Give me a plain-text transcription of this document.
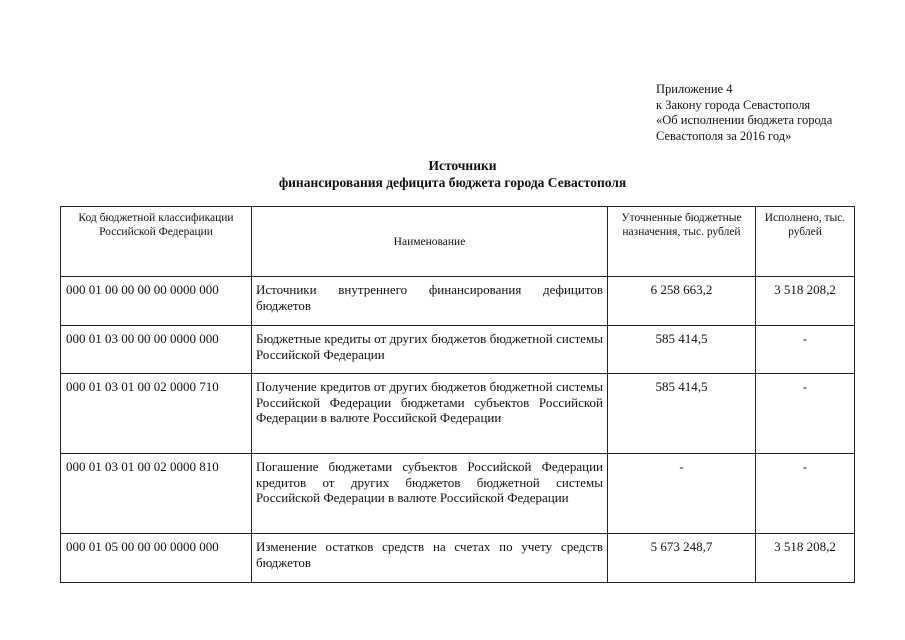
Приложение 4
к Закону города Севастополя
«Об исполнении бюджета города
Севастополя за 2016 год»
Источники
финансирования дефицита бюджета города Севастополя
Код бюджетной классификации Российской Федерации	Наименование	Уточненные бюджетные назначения, тыс. рублей	Исполнено, тыс. рублей
000 01 00 00 00 00 0000 000	Источники внутреннего финансирования дефицитов бюджетов	6 258 663,2	3 518 208,2
000 01 03 00 00 00 0000 000	Бюджетные кредиты от других бюджетов бюджетной системы Российской Федерации	585 414,5	-
000 01 03 01 00 02 0000 710	Получение кредитов от других бюджетов бюджетной системы Российской Федерации бюджетами субъектов Российской Федерации в валюте Российской Федерации	585 414,5	-
000 01 03 01 00 02 0000 810	Погашение бюджетами субъектов Российской Федерации кредитов от других бюджетов бюджетной системы Российской Федерации в валюте Российской Федерации	-	-
000 01 05 00 00 00 0000 000	Изменение остатков средств на счетах по учету средств бюджетов	5 673 248,7	3 518 208,2
